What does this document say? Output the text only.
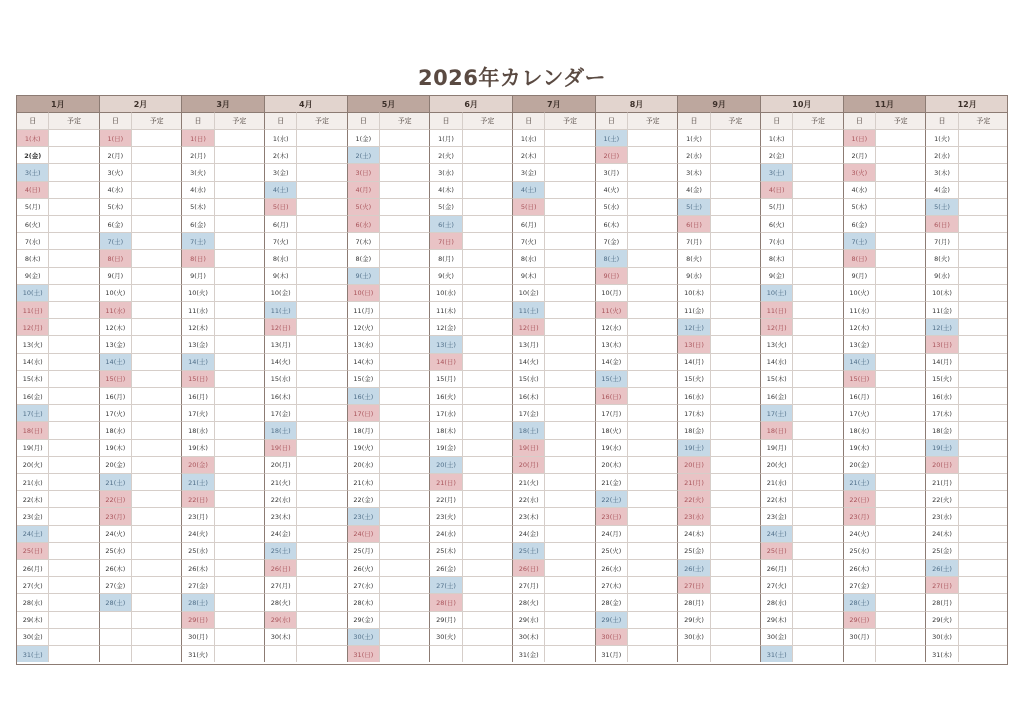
2026年カレンダー
1月
日	予定
1(木)
2(金)
3(土)
4(日)
5(月)
6(火)
7(水)
8(木)
9(金)
10(土)
11(日)
12(月)
13(火)
14(水)
15(木)
16(金)
17(土)
18(日)
19(月)
20(火)
21(水)
22(木)
23(金)
24(土)
25(日)
26(月)
27(火)
28(水)
29(木)
30(金)
31(土)
2月
日	予定
1(日)
2(月)
3(火)
4(水)
5(木)
6(金)
7(土)
8(日)
9(月)
10(火)
11(水)
12(木)
13(金)
14(土)
15(日)
16(月)
17(火)
18(水)
19(木)
20(金)
21(土)
22(日)
23(月)
24(火)
25(水)
26(木)
27(金)
28(土)
3月
日	予定
1(日)
2(月)
3(火)
4(水)
5(木)
6(金)
7(土)
8(日)
9(月)
10(火)
11(水)
12(木)
13(金)
14(土)
15(日)
16(月)
17(火)
18(水)
19(木)
20(金)
21(土)
22(日)
23(月)
24(火)
25(水)
26(木)
27(金)
28(土)
29(日)
30(月)
31(火)
4月
日	予定
1(水)
2(木)
3(金)
4(土)
5(日)
6(月)
7(火)
8(水)
9(木)
10(金)
11(土)
12(日)
13(月)
14(火)
15(水)
16(木)
17(金)
18(土)
19(日)
20(月)
21(火)
22(水)
23(木)
24(金)
25(土)
26(日)
27(月)
28(火)
29(水)
30(木)
5月
日	予定
1(金)
2(土)
3(日)
4(月)
5(火)
6(水)
7(木)
8(金)
9(土)
10(日)
11(月)
12(火)
13(水)
14(木)
15(金)
16(土)
17(日)
18(月)
19(火)
20(水)
21(木)
22(金)
23(土)
24(日)
25(月)
26(火)
27(水)
28(木)
29(金)
30(土)
31(日)
6月
日	予定
1(月)
2(火)
3(水)
4(木)
5(金)
6(土)
7(日)
8(月)
9(火)
10(水)
11(木)
12(金)
13(土)
14(日)
15(月)
16(火)
17(水)
18(木)
19(金)
20(土)
21(日)
22(月)
23(火)
24(水)
25(木)
26(金)
27(土)
28(日)
29(月)
30(火)
7月
日	予定
1(水)
2(木)
3(金)
4(土)
5(日)
6(月)
7(火)
8(水)
9(木)
10(金)
11(土)
12(日)
13(月)
14(火)
15(水)
16(木)
17(金)
18(土)
19(日)
20(月)
21(火)
22(水)
23(木)
24(金)
25(土)
26(日)
27(月)
28(火)
29(水)
30(木)
31(金)
8月
日	予定
1(土)
2(日)
3(月)
4(火)
5(水)
6(木)
7(金)
8(土)
9(日)
10(月)
11(火)
12(水)
13(木)
14(金)
15(土)
16(日)
17(月)
18(火)
19(水)
20(木)
21(金)
22(土)
23(日)
24(月)
25(火)
26(水)
27(木)
28(金)
29(土)
30(日)
31(月)
9月
日	予定
1(火)
2(水)
3(木)
4(金)
5(土)
6(日)
7(月)
8(火)
9(水)
10(木)
11(金)
12(土)
13(日)
14(月)
15(火)
16(水)
17(木)
18(金)
19(土)
20(日)
21(月)
22(火)
23(水)
24(木)
25(金)
26(土)
27(日)
28(月)
29(火)
30(水)
10月
日	予定
1(木)
2(金)
3(土)
4(日)
5(月)
6(火)
7(水)
8(木)
9(金)
10(土)
11(日)
12(月)
13(火)
14(水)
15(木)
16(金)
17(土)
18(日)
19(月)
20(火)
21(水)
22(木)
23(金)
24(土)
25(日)
26(月)
27(火)
28(水)
29(木)
30(金)
31(土)
11月
日	予定
1(日)
2(月)
3(火)
4(水)
5(木)
6(金)
7(土)
8(日)
9(月)
10(火)
11(水)
12(木)
13(金)
14(土)
15(日)
16(月)
17(火)
18(水)
19(木)
20(金)
21(土)
22(日)
23(月)
24(火)
25(水)
26(木)
27(金)
28(土)
29(日)
30(月)
12月
日	予定
1(火)
2(水)
3(木)
4(金)
5(土)
6(日)
7(月)
8(火)
9(水)
10(木)
11(金)
12(土)
13(日)
14(月)
15(火)
16(水)
17(木)
18(金)
19(土)
20(日)
21(月)
22(火)
23(水)
24(木)
25(金)
26(土)
27(日)
28(月)
29(火)
30(水)
31(木)
